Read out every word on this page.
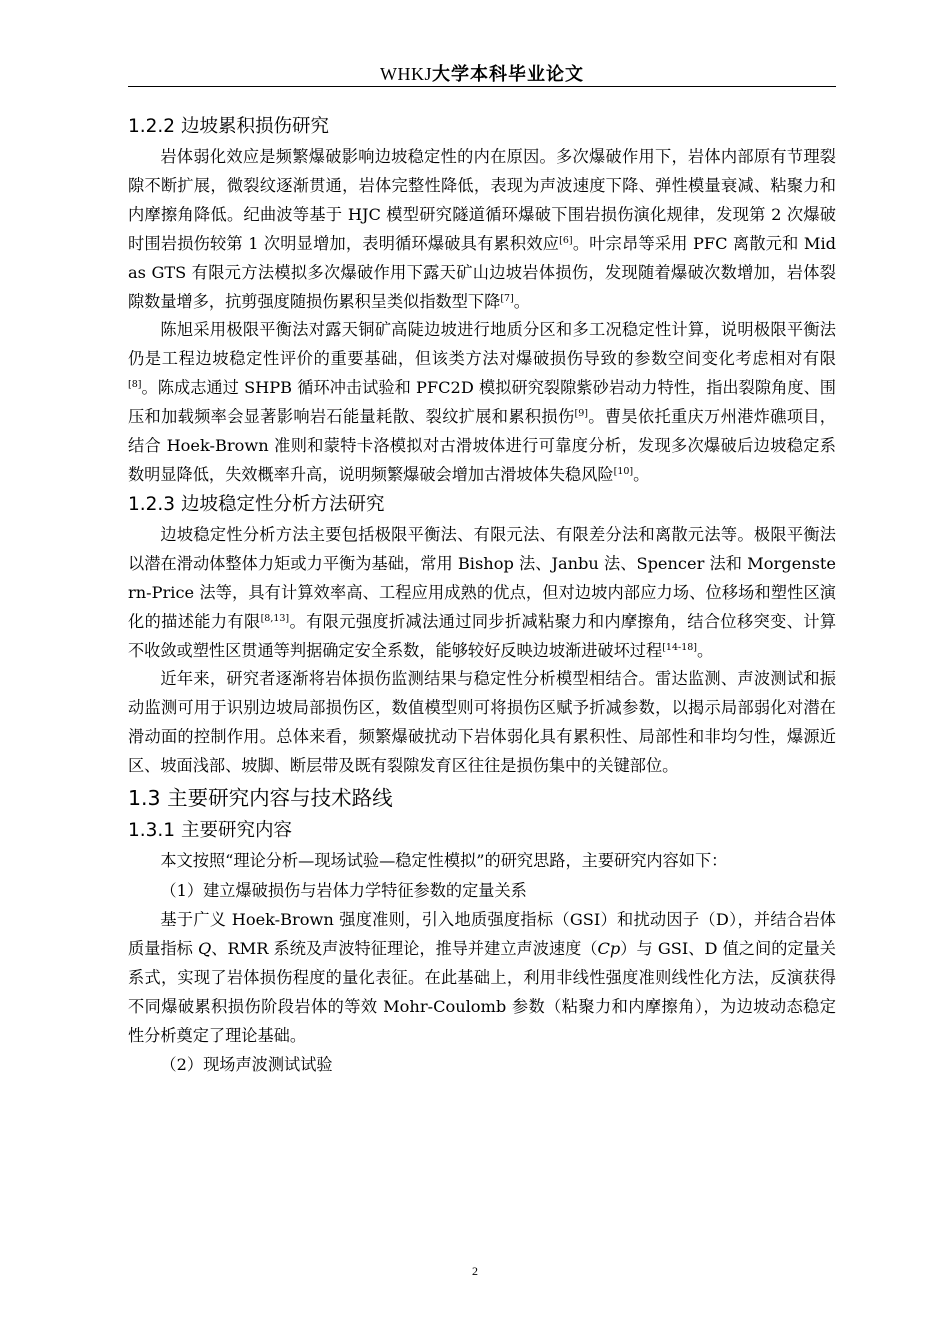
WHKJ大学本科毕业论文
1.2.2 边坡累积损伤研究

岩体弱化效应是频繁爆破影响边坡稳定性的内在原因。多次爆破作用下，岩体内部原有节理裂隙不断扩展，微裂纹逐渐贯通，岩体完整性降低，表现为声波速度下降、弹性模量衰减、粘聚力和内摩擦角降低。纪曲波等基于 HJC 模型研究隧道循环爆破下围岩损伤演化规律，发现第 2 次爆破时围岩损伤较第 1 次明显增加，表明循环爆破具有累积效应[6]。叶宗昂等采用 PFC 离散元和 Midas GTS 有限元方法模拟多次爆破作用下露天矿山边坡岩体损伤，发现随着爆破次数增加，岩体裂隙数量增多，抗剪强度随损伤累积呈类似指数型下降[7]。

陈旭采用极限平衡法对露天铜矿高陡边坡进行地质分区和多工况稳定性计算，说明极限平衡法仍是工程边坡稳定性评价的重要基础，但该类方法对爆破损伤导致的参数空间变化考虑相对有限[8]。陈成志通过 SHPB 循环冲击试验和 PFC2D 模拟研究裂隙紫砂岩动力特性，指出裂隙角度、围压和加载频率会显著影响岩石能量耗散、裂纹扩展和累积损伤[9]。曹昊依托重庆万州港炸礁项目，结合 Hoek-Brown 准则和蒙特卡洛模拟对古滑坡体进行可靠度分析，发现多次爆破后边坡稳定系数明显降低，失效概率升高，说明频繁爆破会增加古滑坡体失稳风险[10]。

1.2.3 边坡稳定性分析方法研究

边坡稳定性分析方法主要包括极限平衡法、有限元法、有限差分法和离散元法等。极限平衡法以潜在滑动体整体力矩或力平衡为基础，常用 Bishop 法、Janbu 法、Spencer 法和 Morgenstern-Price 法等，具有计算效率高、工程应用成熟的优点，但对边坡内部应力场、位移场和塑性区演化的描述能力有限[8,13]。有限元强度折减法通过同步折减粘聚力和内摩擦角，结合位移突变、计算不收敛或塑性区贯通等判据确定安全系数，能够较好反映边坡渐进破坏过程[14-18]。

近年来，研究者逐渐将岩体损伤监测结果与稳定性分析模型相结合。雷达监测、声波测试和振动监测可用于识别边坡局部损伤区，数值模型则可将损伤区赋予折减参数，以揭示局部弱化对潜在滑动面的控制作用。总体来看，频繁爆破扰动下岩体弱化具有累积性、局部性和非均匀性，爆源近区、坡面浅部、坡脚、断层带及既有裂隙发育区往往是损伤集中的关键部位。

1.3 主要研究内容与技术路线
1.3.1 主要研究内容

本文按照“理论分析—现场试验—稳定性模拟”的研究思路，主要研究内容如下：

（1）建立爆破损伤与岩体力学特征参数的定量关系

基于广义 Hoek-Brown 强度准则，引入地质强度指标（GSI）和扰动因子（D），并结合岩体质量指标 Q、RMR 系统及声波特征理论，推导并建立声波速度（Cp）与 GSI、D 值之间的定量关系式，实现了岩体损伤程度的量化表征。在此基础上，利用非线性强度准则线性化方法，反演获得不同爆破累积损伤阶段岩体的等效 Mohr-Coulomb 参数（粘聚力和内摩擦角），为边坡动态稳定性分析奠定了理论基础。

（2）现场声波测试试验

2
